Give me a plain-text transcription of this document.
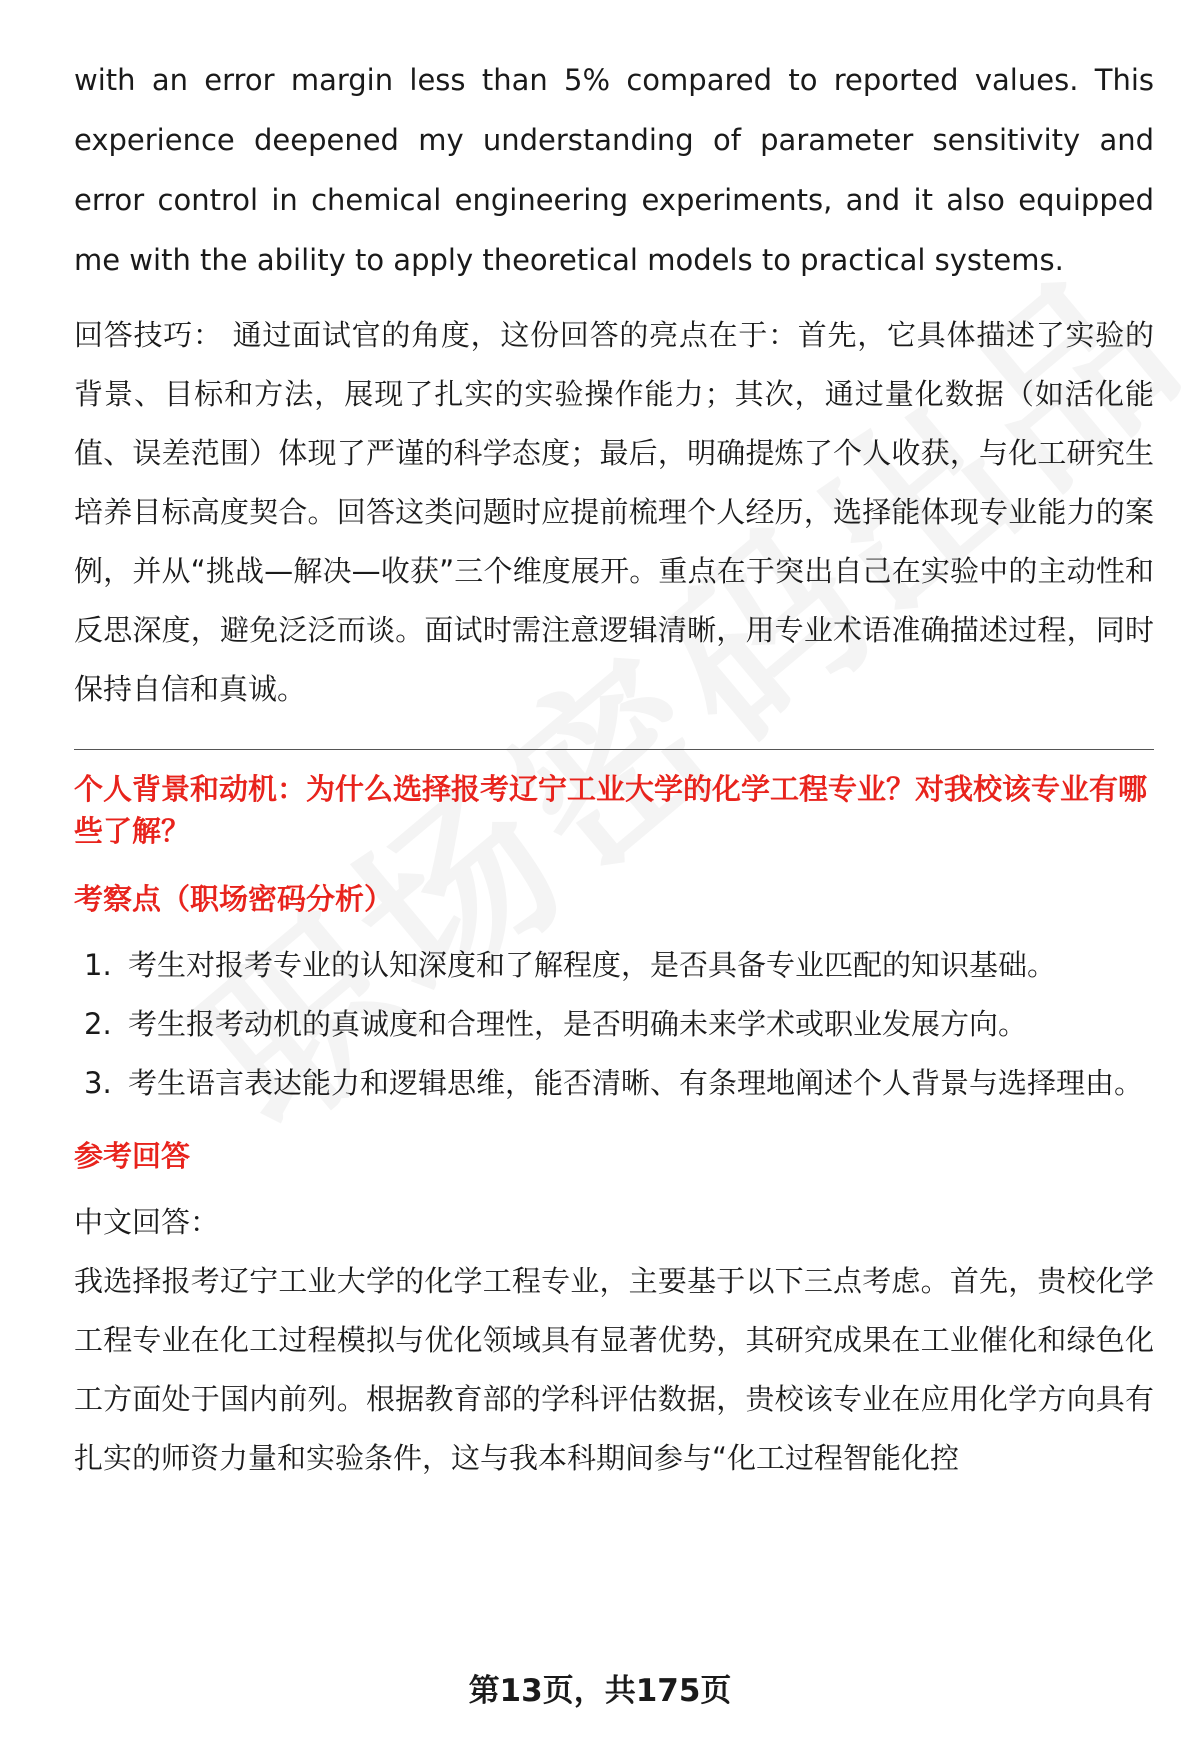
with an error margin less than 5% compared to reported values. This experience deepened my understanding of parameter sensitivity and error control in chemical engineering experiments, and it also equipped me with the ability to apply theoretical models to practical systems.

回答技巧： 通过面试官的角度，这份回答的亮点在于：首先，它具体描述了实验的背景、目标和方法，展现了扎实的实验操作能力；其次，通过量化数据（如活化能值、误差范围）体现了严谨的科学态度；最后，明确提炼了个人收获，与化工研究生培养目标高度契合。回答这类问题时应提前梳理个人经历，选择能体现专业能力的案例，并从“挑战—解决—收获”三个维度展开。重点在于突出自己在实验中的主动性和反思深度，避免泛泛而谈。面试时需注意逻辑清晰，用专业术语准确描述过程，同时保持自信和真诚。

个人背景和动机：为什么选择报考辽宁工业大学的化学工程专业？对我校该专业有哪些了解？

考察点（职场密码分析）

1. 考生对报考专业的认知深度和了解程度，是否具备专业匹配的知识基础。
2. 考生报考动机的真诚度和合理性，是否明确未来学术或职业发展方向。
3. 考生语言表达能力和逻辑思维，能否清晰、有条理地阐述个人背景与选择理由。

参考回答

中文回答：

我选择报考辽宁工业大学的化学工程专业，主要基于以下三点考虑。首先，贵校化学工程专业在化工过程模拟与优化领域具有显著优势，其研究成果在工业催化和绿色化工方面处于国内前列。根据教育部的学科评估数据，贵校该专业在应用化学方向具有扎实的师资力量和实验条件，这与我本科期间参与“化工过程智能化控

第13页，共175页
